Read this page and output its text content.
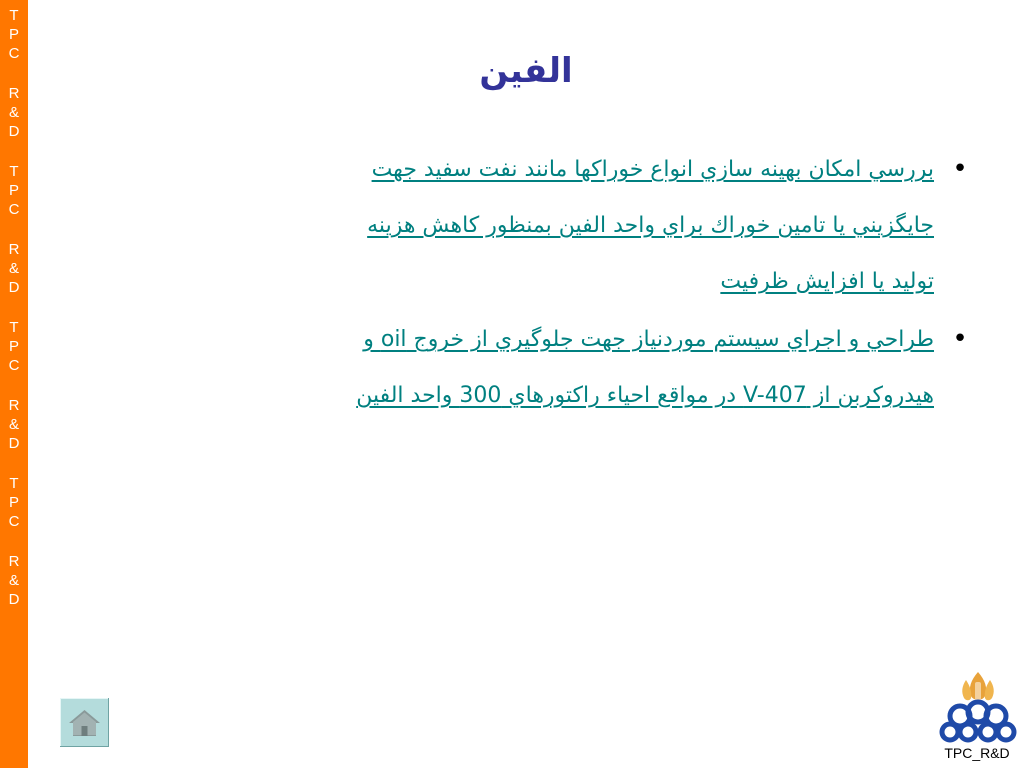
T
P
C
R
&
D
T
P
C
R
&
D
T
P
C
R
&
D
T
P
C
R
&
D
الفين
•
بررسي امكان بهينه سازي انواع خوراكها مانند نفت سفيد جهت
جايگزيني يا تامين خوراك براي واحد الفين بمنظور كاهش هزينه
توليد يا افزايش ظرفيت
•
طراحي و اجراي سيستم موردنياز جهت جلوگيري از خروج oil و
هيدروكربن از V-407 در مواقع احياء راكتورهاي 300 واحد الفين
TPC_R&D
